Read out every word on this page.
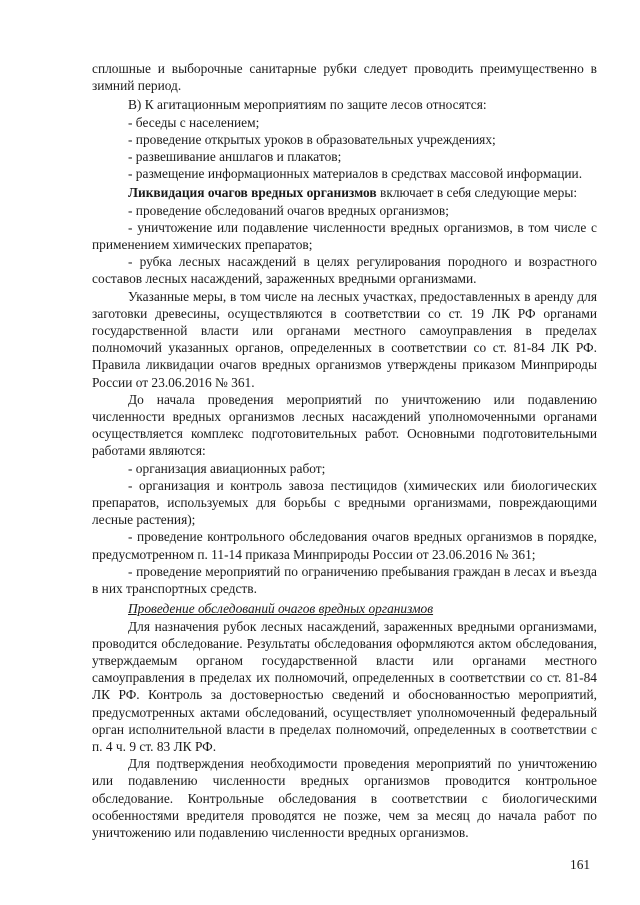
сплошные и выборочные санитарные рубки следует проводить преимущественно в зимний период.

В) К агитационным мероприятиям по защите лесов относятся:

- беседы с населением;

- проведение открытых уроков в образовательных учреждениях;

- развешивание аншлагов и плакатов;

- размещение информационных материалов в средствах массовой информации.

Ликвидация очагов вредных организмов включает в себя следующие меры:

- проведение обследований очагов вредных организмов;

- уничтожение или подавление численности вредных организмов, в том числе с применением химических препаратов;

- рубка лесных насаждений в целях регулирования породного и возрастного составов лесных насаждений, зараженных вредными организмами.

Указанные меры, в том числе на лесных участках, предоставленных в аренду для заготовки древесины, осуществляются в соответствии со ст. 19 ЛК РФ органами государственной власти или органами местного самоуправления в пределах полномочий указанных органов, определенных в соответствии со ст. 81-84 ЛК РФ. Правила ликвидации очагов вредных организмов утверждены приказом Минприроды России от 23.06.2016 № 361.

До начала проведения мероприятий по уничтожению или подавлению численности вредных организмов лесных насаждений уполномоченными органами осуществляется комплекс подготовительных работ. Основными подготовительными работами являются:

- организация авиационных работ;

- организация и контроль завоза пестицидов (химических или биологических препаратов, используемых для борьбы с вредными организмами, повреждающими лесные растения);

- проведение контрольного обследования очагов вредных организмов в порядке, предусмотренном п. 11-14 приказа Минприроды России от 23.06.2016 № 361;

- проведение мероприятий по ограничению пребывания граждан в лесах и въезда в них транспортных средств.

Проведение обследований очагов вредных организмов

Для назначения рубок лесных насаждений, зараженных вредными организмами, проводится обследование. Результаты обследования оформляются актом обследования, утверждаемым органом государственной власти или органами местного самоуправления в пределах их полномочий, определенных в соответствии со ст. 81-84 ЛК РФ. Контроль за достоверностью сведений и обоснованностью мероприятий, предусмотренных актами обследований, осуществляет уполномоченный федеральный орган исполнительной власти в пределах полномочий, определенных в соответствии с п. 4 ч. 9 ст. 83 ЛК РФ.

Для подтверждения необходимости проведения мероприятий по уничтожению или подавлению численности вредных организмов проводится контрольное обследование. Контрольные обследования в соответствии с биологическими особенностями вредителя проводятся не позже, чем за месяц до начала работ по уничтожению или подавлению численности вредных организмов.

161
